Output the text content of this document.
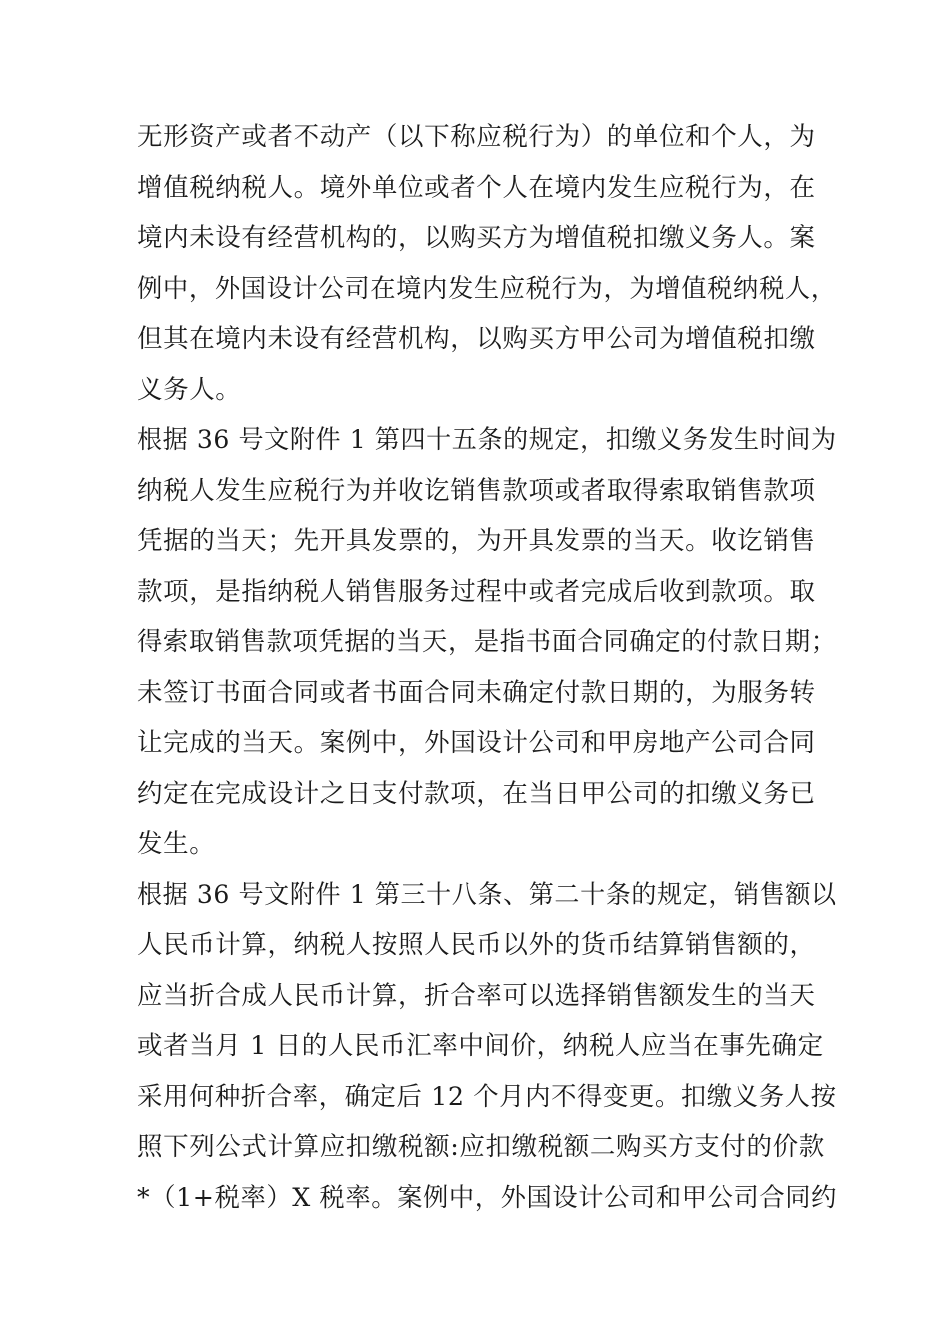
无形资产或者不动产（以下称应税行为）的单位和个人，为
增值税纳税人。境外单位或者个人在境内发生应税行为，在
境内未设有经营机构的，以购买方为增值税扣缴义务人。案
例中，外国设计公司在境内发生应税行为，为增值税纳税人，
但其在境内未设有经营机构，以购买方甲公司为增值税扣缴
义务人。
根据 36 号文附件 1 第四十五条的规定，扣缴义务发生时间为
纳税人发生应税行为并收讫销售款项或者取得索取销售款项
凭据的当天；先开具发票的，为开具发票的当天。收讫销售
款项，是指纳税人销售服务过程中或者完成后收到款项。取
得索取销售款项凭据的当天，是指书面合同确定的付款日期；
未签订书面合同或者书面合同未确定付款日期的，为服务转
让完成的当天。案例中，外国设计公司和甲房地产公司合同
约定在完成设计之日支付款项，在当日甲公司的扣缴义务已
发生。
根据 36 号文附件 1 第三十八条、第二十条的规定，销售额以
人民币计算，纳税人按照人民币以外的货币结算销售额的，
应当折合成人民币计算，折合率可以选择销售额发生的当天
或者当月 1 日的人民币汇率中间价，纳税人应当在事先确定
采用何种折合率，确定后 12 个月内不得变更。扣缴义务人按
照下列公式计算应扣缴税额:应扣缴税额二购买方支付的价款
*（1+税率）X 税率。案例中，外国设计公司和甲公司合同约
